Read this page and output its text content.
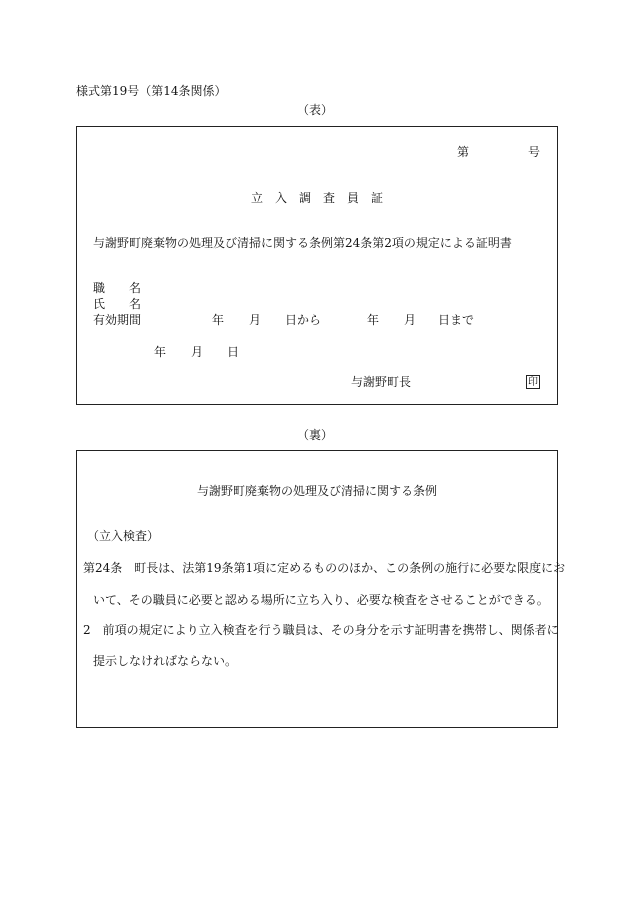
様式第19号（第14条関係）
（表）
第	号
立　入　調　査　員　証
与謝野町廃棄物の処理及び清掃に関する条例第24条第2項の規定による証明書
職　　名
氏　　名
有効期間	年 月 日から	年 月 日まで
年 月 日
与謝野町長	印
（裏）
与謝野町廃棄物の処理及び清掃に関する条例
（立入検査）
第24条　町長は、法第19条第1項に定めるもののほか、この条例の施行に必要な限度にお
いて、その職員に必要と認める場所に立ち入り、必要な検査をさせることができる。
2　前項の規定により立入検査を行う職員は、その身分を示す証明書を携帯し、関係者に
提示しなければならない。
